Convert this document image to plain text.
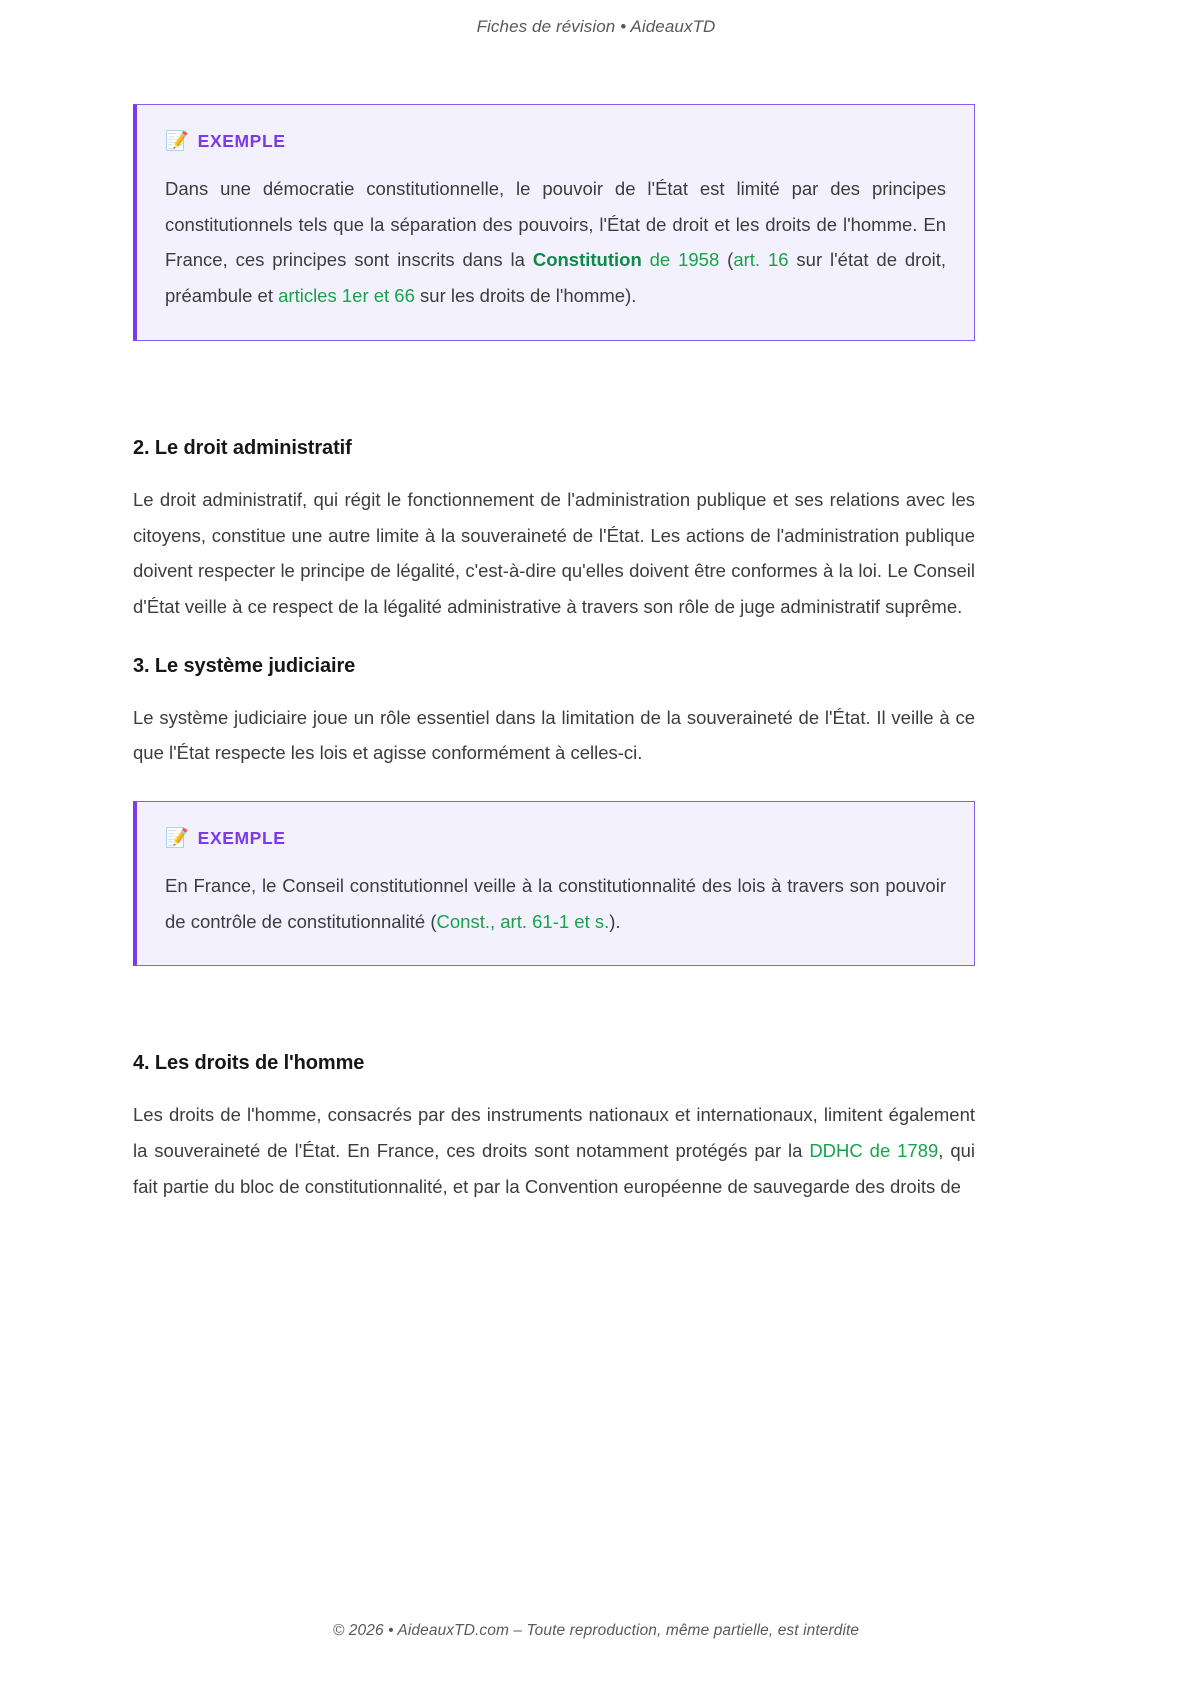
Fiches de révision • AideauxTD
📝 EXEMPLE

Dans une démocratie constitutionnelle, le pouvoir de l'État est limité par des principes constitutionnels tels que la séparation des pouvoirs, l'État de droit et les droits de l'homme. En France, ces principes sont inscrits dans la Constitution de 1958 (art. 16 sur l'état de droit, préambule et articles 1er et 66 sur les droits de l'homme).

2. Le droit administratif

Le droit administratif, qui régit le fonctionnement de l'administration publique et ses relations avec les citoyens, constitue une autre limite à la souveraineté de l'État. Les actions de l'administration publique doivent respecter le principe de légalité, c'est-à-dire qu'elles doivent être conformes à la loi. Le Conseil d'État veille à ce respect de la légalité administrative à travers son rôle de juge administratif suprême.

3. Le système judiciaire

Le système judiciaire joue un rôle essentiel dans la limitation de la souveraineté de l'État. Il veille à ce que l'État respecte les lois et agisse conformément à celles-ci.

📝 EXEMPLE

En France, le Conseil constitutionnel veille à la constitutionnalité des lois à travers son pouvoir de contrôle de constitutionnalité (Const., art. 61-1 et s.).

4. Les droits de l'homme

Les droits de l'homme, consacrés par des instruments nationaux et internationaux, limitent également la souveraineté de l'État. En France, ces droits sont notamment protégés par la DDHC de 1789, qui fait partie du bloc de constitutionnalité, et par la Convention européenne de sauvegarde des droits de

© 2026 • AideauxTD.com – Toute reproduction, même partielle, est interdite
